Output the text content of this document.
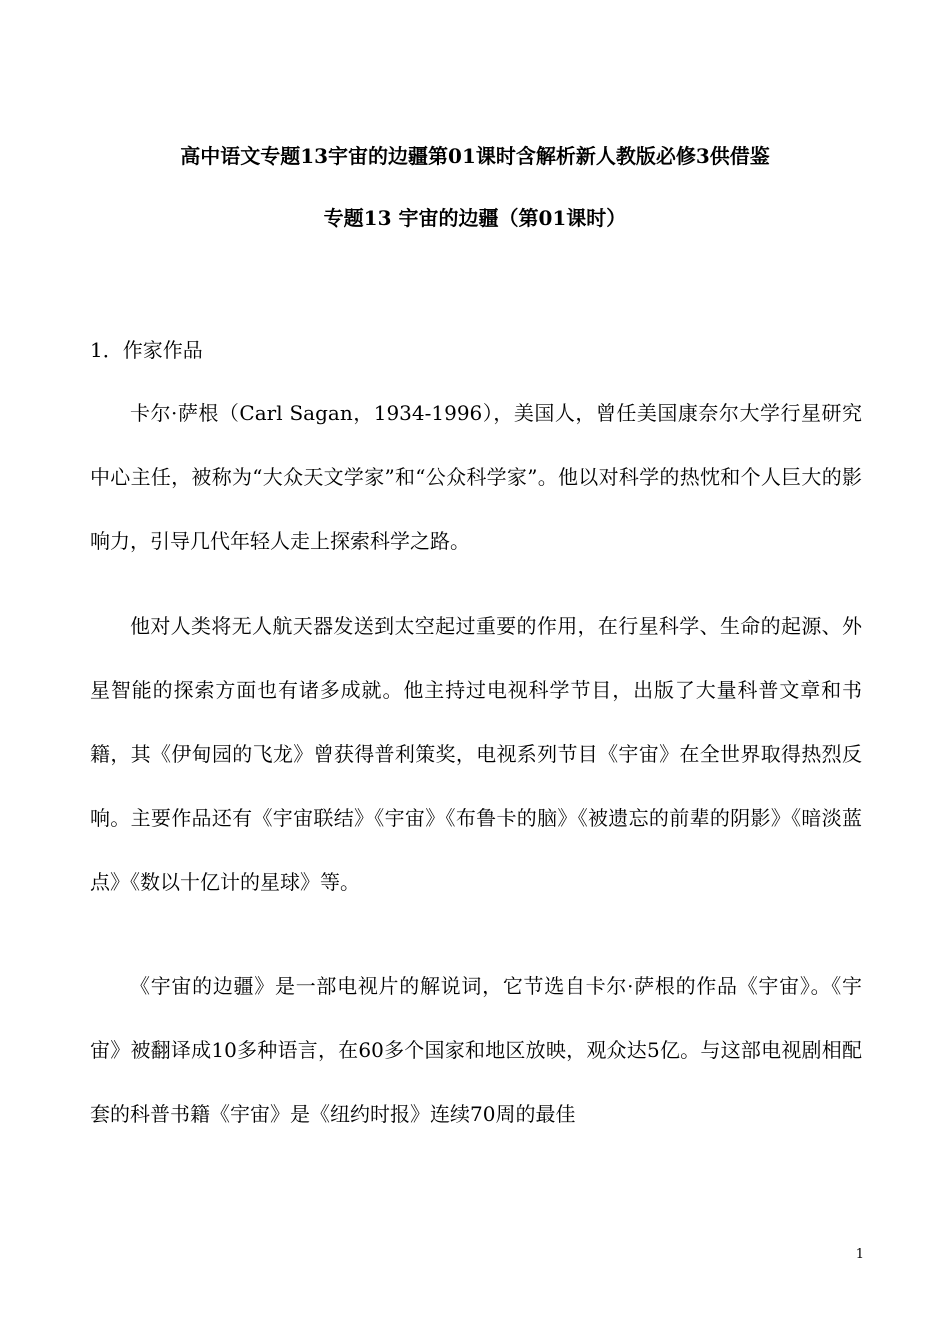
高中语文专题13宇宙的边疆第01课时含解析新人教版必修3供借鉴
专题13 宇宙的边疆（第01课时）
1．作家作品

卡尔·萨根（Carl Sagan，1934-1996），美国人，曾任美国康奈尔大学行星研究中心主任，被称为“大众天文学家”和“公众科学家”。他以对科学的热忱和个人巨大的影响力，引导几代年轻人走上探索科学之路。

他对人类将无人航天器发送到太空起过重要的作用，在行星科学、生命的起源、外星智能的探索方面也有诸多成就。他主持过电视科学节目，出版了大量科普文章和书籍，其《伊甸园的飞龙》曾获得普利策奖，电视系列节目《宇宙》在全世界取得热烈反响。主要作品还有《宇宙联结》《宇宙》《布鲁卡的脑》《被遗忘的前辈的阴影》《暗淡蓝点》《数以十亿计的星球》等。

《宇宙的边疆》是一部电视片的解说词，它节选自卡尔·萨根的作品《宇宙》。《宇宙》被翻译成10多种语言，在60多个国家和地区放映，观众达5亿。与这部电视剧相配套的科普书籍《宇宙》是《纽约时报》连续70周的最佳

1
